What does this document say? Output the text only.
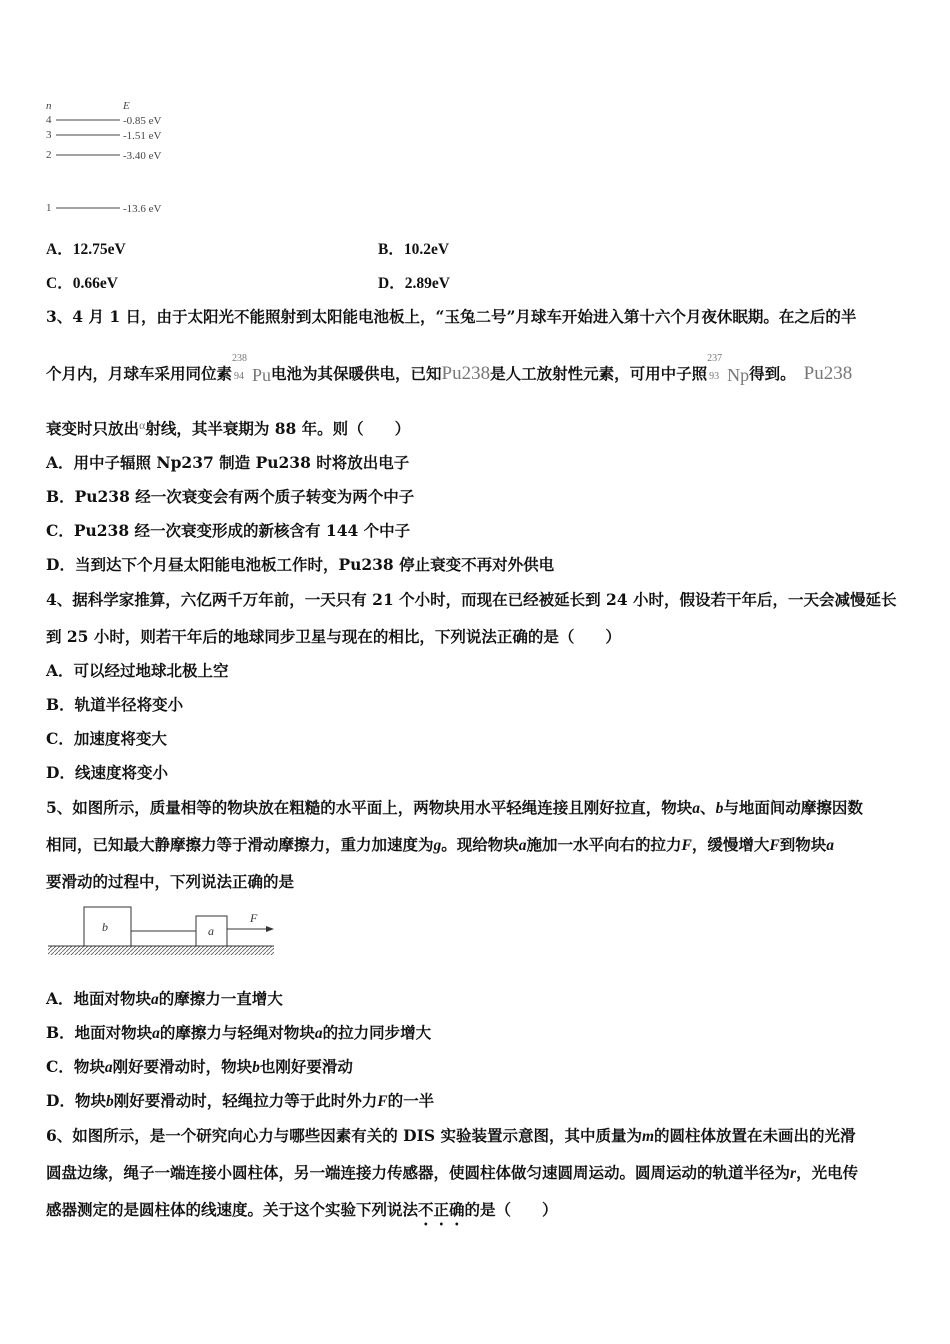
n	E
4	-0.85 eV
3	-1.51 eV
2	-3.40 eV
1	-13.6 eV
A．12.75eV	B．10.2eV
C．0.66eV	D．2.89eV
3、4 月 1 日，由于太阳光不能照射到太阳能电池板上，“玉兔二号”月球车开始进入第十六个月夜休眠期。在之后的半
个月内，月球车采用同位素
238
94 Pu电池为其保暖供电，已知Pu238是人工放射性元素，可用中子照
237
93 Np得到。 Pu238
衰变时只放出$^\alpha$射线，其半衰期为 88 年。则（　　）
A．用中子辐照 Np237 制造 Pu238 时将放出电子
B．Pu238 经一次衰变会有两个质子转变为两个中子
C．Pu238 经一次衰变形成的新核含有 144 个中子
D．当到达下个月昼太阳能电池板工作时，Pu238 停止衰变不再对外供电
4、据科学家推算，六亿两千万年前，一天只有 21 个小时，而现在已经被延长到 24 小时，假设若干年后，一天会减慢延长
到 25 小时，则若干年后的地球同步卫星与现在的相比，下列说法正确的是（　　）
A．可以经过地球北极上空
B．轨道半径将变小
C．加速度将变大
D．线速度将变小
5、如图所示，质量相等的物块放在粗糙的水平面上，两物块用水平轻绳连接且刚好拉直，物块a、b与地面间动摩擦因数
相同，已知最大静摩擦力等于滑动摩擦力，重力加速度为g。现给物块a施加一水平向右的拉力F，缓慢增大F到物块a
要滑动的过程中，下列说法正确的是
b	a
F
A．地面对物块a的摩擦力一直增大
B．地面对物块a的摩擦力与轻绳对物块a的拉力同步增大
C．物块a刚好要滑动时，物块b也刚好要滑动
D．物块b刚好要滑动时，轻绳拉力等于此时外力F的一半
6、如图所示，是一个研究向心力与哪些因素有关的 DIS 实验装置示意图，其中质量为m的圆柱体放置在未画出的光滑
圆盘边缘，绳子一端连接小圆柱体，另一端连接力传感器，使圆柱体做匀速圆周运动。圆周运动的轨道半径为r，光电传
感器测定的是圆柱体的线速度。关于这个实验下列说法不正确的是（　　）
